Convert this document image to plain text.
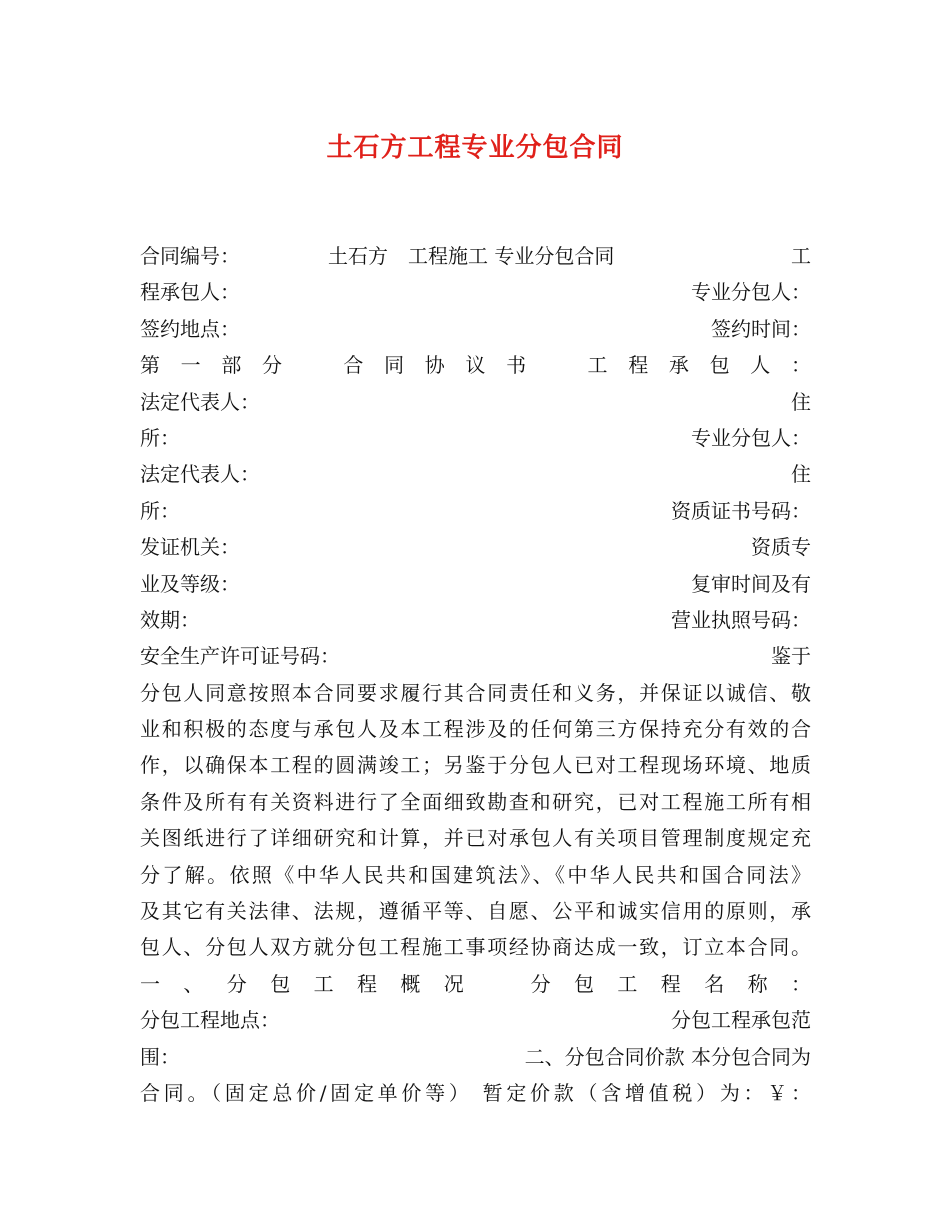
土石方工程专业分包合同
合同编号：	土石方　工程施工 专业分包合同	工
程承包人：	专业分包人：
签约地点：	签约时间：
第一部分　合同协议书　工程承包人：
法定代表人：	住
所：	专业分包人：
法定代表人：	住
所：	资质证书号码：
发证机关：	资质专
业及等级：	复审时间及有
效期：	营业执照号码：
安全生产许可证号码：	鉴于
分包人同意按照本合同要求履行其合同责任和义务，并保证以诚信、敬
业和积极的态度与承包人及本工程涉及的任何第三方保持充分有效的合
作，以确保本工程的圆满竣工；另鉴于分包人已对工程现场环境、地质
条件及所有有关资料进行了全面细致勘查和研究，已对工程施工所有相
关图纸进行了详细研究和计算，并已对承包人有关项目管理制度规定充
分了解。依照《中华人民共和国建筑法》、《中华人民共和国合同法》
及其它有关法律、法规，遵循平等、自愿、公平和诚实信用的原则，承
包人、分包人双方就分包工程施工事项经协商达成一致，订立本合同。
一、分包工程概况　分包工程名称：
分包工程地点：	分包工程承包范
围：	二、分包合同价款 本分包合同为
合同。（固定总价/固定单价等） 暂定价款（含增值税）为：￥：
